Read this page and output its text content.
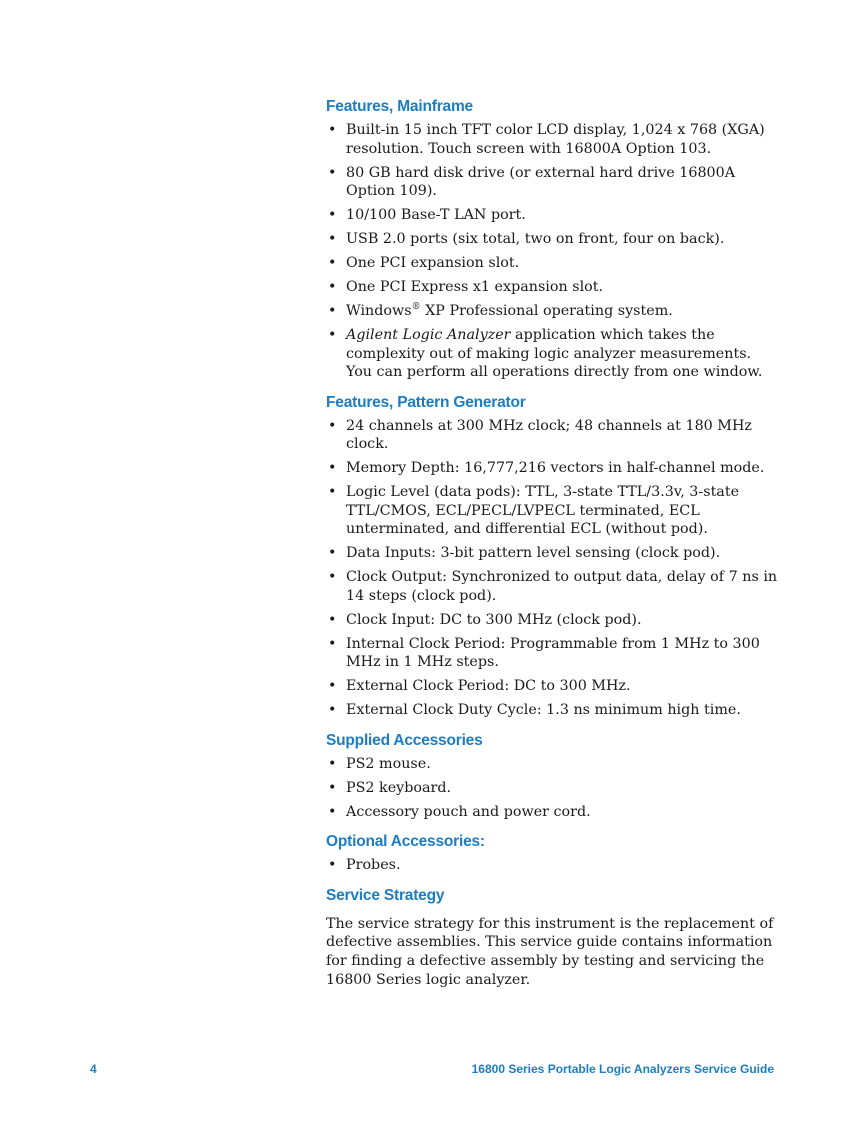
Features, Mainframe
• Built-in 15 inch TFT color LCD display, 1,024 x 768 (XGA) resolution. Touch screen with 16800A Option 103.
• 80 GB hard disk drive (or external hard drive 16800A Option 109).
• 10/100 Base-T LAN port.
• USB 2.0 ports (six total, two on front, four on back).
• One PCI expansion slot.
• One PCI Express x1 expansion slot.
• Windows® XP Professional operating system.
• Agilent Logic Analyzer application which takes the complexity out of making logic analyzer measurements. You can perform all operations directly from one window.
Features, Pattern Generator
• 24 channels at 300 MHz clock; 48 channels at 180 MHz clock.
• Memory Depth: 16,777,216 vectors in half-channel mode.
• Logic Level (data pods): TTL, 3-state TTL/3.3v, 3-state TTL/CMOS, ECL/PECL/LVPECL terminated, ECL unterminated, and differential ECL (without pod).
• Data Inputs: 3-bit pattern level sensing (clock pod).
• Clock Output: Synchronized to output data, delay of 7 ns in 14 steps (clock pod).
• Clock Input: DC to 300 MHz (clock pod).
• Internal Clock Period: Programmable from 1 MHz to 300 MHz in 1 MHz steps.
• External Clock Period: DC to 300 MHz.
• External Clock Duty Cycle: 1.3 ns minimum high time.
Supplied Accessories
• PS2 mouse.
• PS2 keyboard.
• Accessory pouch and power cord.
Optional Accessories:
• Probes.
Service Strategy

The service strategy for this instrument is the replacement of defective assemblies. This service guide contains information for finding a defective assembly by testing and servicing the 16800 Series logic analyzer.

4	16800 Series Portable Logic Analyzers Service Guide
